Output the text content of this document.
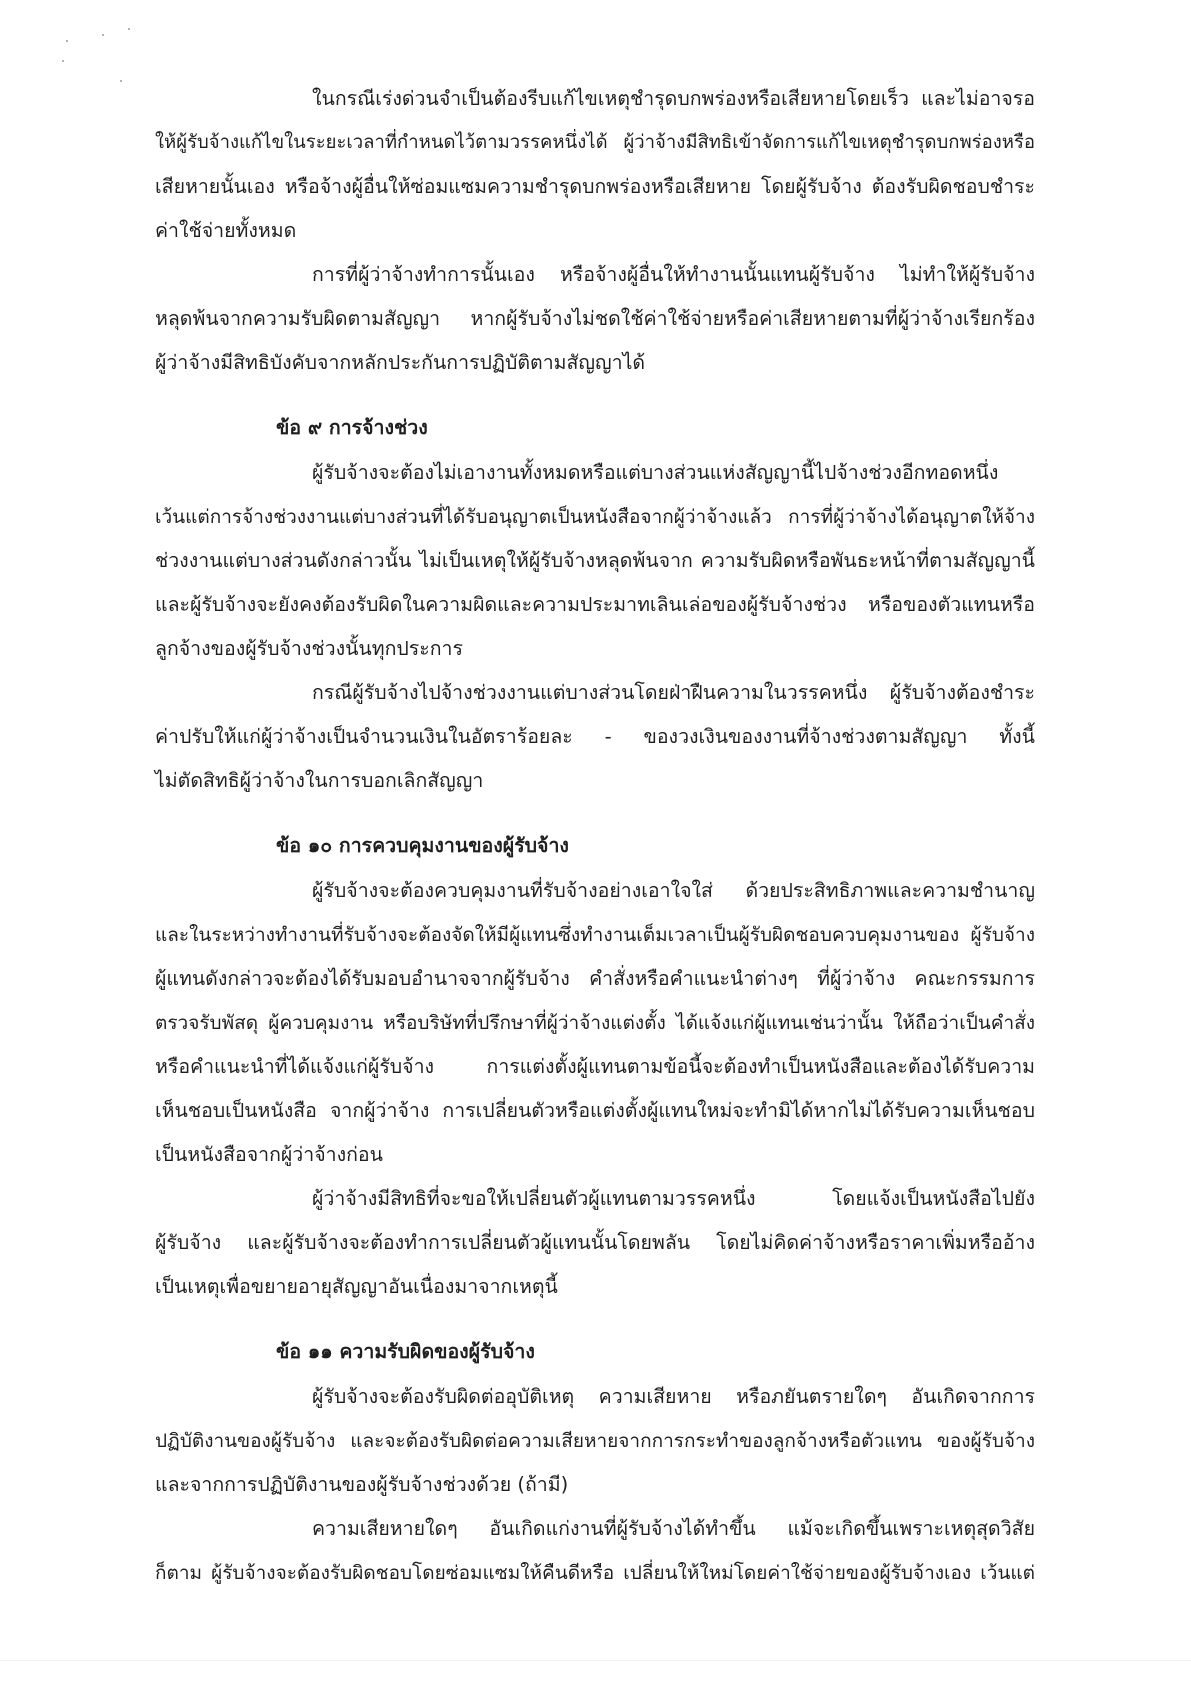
ในกรณีเร่งด่วนจำเป็นต้องรีบแก้ไขเหตุชำรุดบกพร่องหรือเสียหายโดยเร็ว และไม่อาจรอ
ให้ผู้รับจ้างแก้ไขในระยะเวลาที่กำหนดไว้ตามวรรคหนึ่งได้ ผู้ว่าจ้างมีสิทธิเข้าจัดการแก้ไขเหตุชำรุดบกพร่องหรือ
เสียหายนั้นเอง หรือจ้างผู้อื่นให้ซ่อมแซมความชำรุดบกพร่องหรือเสียหาย โดยผู้รับจ้าง ต้องรับผิดชอบชำระ
ค่าใช้จ่ายทั้งหมด
การที่ผู้ว่าจ้างทำการนั้นเอง หรือจ้างผู้อื่นให้ทำงานนั้นแทนผู้รับจ้าง ไม่ทำให้ผู้รับจ้าง
หลุดพ้นจากความรับผิดตามสัญญา หากผู้รับจ้างไม่ชดใช้ค่าใช้จ่ายหรือค่าเสียหายตามที่ผู้ว่าจ้างเรียกร้อง
ผู้ว่าจ้างมีสิทธิบังคับจากหลักประกันการปฏิบัติตามสัญญาได้
ข้อ ๙ การจ้างช่วง
ผู้รับจ้างจะต้องไม่เอางานทั้งหมดหรือแต่บางส่วนแห่งสัญญานี้ไปจ้างช่วงอีกทอดหนึ่ง
เว้นแต่การจ้างช่วงงานแต่บางส่วนที่ได้รับอนุญาตเป็นหนังสือจากผู้ว่าจ้างแล้ว การที่ผู้ว่าจ้างได้อนุญาตให้จ้าง
ช่วงงานแต่บางส่วนดังกล่าวนั้น ไม่เป็นเหตุให้ผู้รับจ้างหลุดพ้นจาก ความรับผิดหรือพันธะหน้าที่ตามสัญญานี้
และผู้รับจ้างจะยังคงต้องรับผิดในความผิดและความประมาทเลินเล่อของผู้รับจ้างช่วง หรือของตัวแทนหรือ
ลูกจ้างของผู้รับจ้างช่วงนั้นทุกประการ
กรณีผู้รับจ้างไปจ้างช่วงงานแต่บางส่วนโดยฝ่าฝืนความในวรรคหนึ่ง ผู้รับจ้างต้องชำระ
ค่าปรับให้แก่ผู้ว่าจ้างเป็นจำนวนเงินในอัตราร้อยละ - ของวงเงินของงานที่จ้างช่วงตามสัญญา ทั้งนี้
ไม่ตัดสิทธิผู้ว่าจ้างในการบอกเลิกสัญญา
ข้อ ๑๐ การควบคุมงานของผู้รับจ้าง
ผู้รับจ้างจะต้องควบคุมงานที่รับจ้างอย่างเอาใจใส่ ด้วยประสิทธิภาพและความชำนาญ
และในระหว่างทำงานที่รับจ้างจะต้องจัดให้มีผู้แทนซึ่งทำงานเต็มเวลาเป็นผู้รับผิดชอบควบคุมงานของ ผู้รับจ้าง
ผู้แทนดังกล่าวจะต้องได้รับมอบอำนาจจากผู้รับจ้าง คำสั่งหรือคำแนะนำต่างๆ ที่ผู้ว่าจ้าง คณะกรรมการ
ตรวจรับพัสดุ ผู้ควบคุมงาน หรือบริษัทที่ปรึกษาที่ผู้ว่าจ้างแต่งตั้ง ได้แจ้งแก่ผู้แทนเช่นว่านั้น ให้ถือว่าเป็นคำสั่ง
หรือคำแนะนำที่ได้แจ้งแก่ผู้รับจ้าง การแต่งตั้งผู้แทนตามข้อนี้จะต้องทำเป็นหนังสือและต้องได้รับความ
เห็นชอบเป็นหนังสือ จากผู้ว่าจ้าง การเปลี่ยนตัวหรือแต่งตั้งผู้แทนใหม่จะทำมิได้หากไม่ได้รับความเห็นชอบ
เป็นหนังสือจากผู้ว่าจ้างก่อน
ผู้ว่าจ้างมีสิทธิที่จะขอให้เปลี่ยนตัวผู้แทนตามวรรคหนึ่ง โดยแจ้งเป็นหนังสือไปยัง
ผู้รับจ้าง และผู้รับจ้างจะต้องทำการเปลี่ยนตัวผู้แทนนั้นโดยพลัน โดยไม่คิดค่าจ้างหรือราคาเพิ่มหรืออ้าง
เป็นเหตุเพื่อขยายอายุสัญญาอันเนื่องมาจากเหตุนี้
ข้อ ๑๑ ความรับผิดของผู้รับจ้าง
ผู้รับจ้างจะต้องรับผิดต่ออุบัติเหตุ ความเสียหาย หรือภยันตรายใดๆ อันเกิดจากการ
ปฏิบัติงานของผู้รับจ้าง และจะต้องรับผิดต่อความเสียหายจากการกระทำของลูกจ้างหรือตัวแทน ของผู้รับจ้าง
และจากการปฏิบัติงานของผู้รับจ้างช่วงด้วย (ถ้ามี)
ความเสียหายใดๆ อันเกิดแก่งานที่ผู้รับจ้างได้ทำขึ้น แม้จะเกิดขึ้นเพราะเหตุสุดวิสัย
ก็ตาม ผู้รับจ้างจะต้องรับผิดชอบโดยซ่อมแซมให้คืนดีหรือ เปลี่ยนให้ใหม่โดยค่าใช้จ่ายของผู้รับจ้างเอง เว้นแต่
